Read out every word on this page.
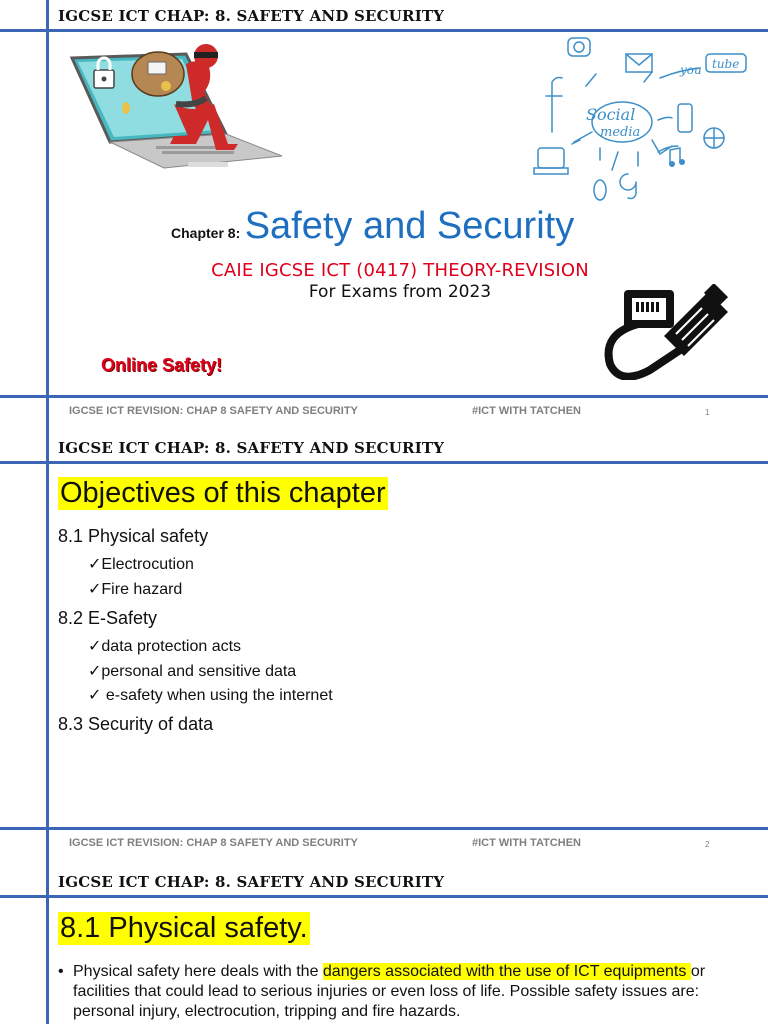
IGCSE ICT CHAP: 8. SAFETY AND SECURITY
Social
media
you tube
Chapter 8: Safety and Security
CAIE IGCSE ICT (0417) THEORY-REVISION
For Exams from 2023
Online Safety!
IGCSE ICT REVISION: CHAP 8 SAFETY AND SECURITY	#ICT WITH TATCHEN	1
IGCSE ICT CHAP: 8. SAFETY AND SECURITY
IGCSE ICT REVISION: CHAP 8 SAFETY AND SECURITY	#ICT WITH TATCHEN	2
Objectives of this chapter
8.1 Physical safety
✓Electrocution
✓Fire hazard
8.2 E-Safety
✓data protection acts
✓personal and sensitive data
✓ e-safety when using the internet
8.3 Security of data
IGCSE ICT CHAP: 8. SAFETY AND SECURITY
8.1 Physical safety.
• Physical safety here deals with the dangers associated with the use of ICT equipments or facilities that could lead to serious injuries or even loss of life. Possible safety issues are: personal injury, electrocution, tripping and fire hazards.
